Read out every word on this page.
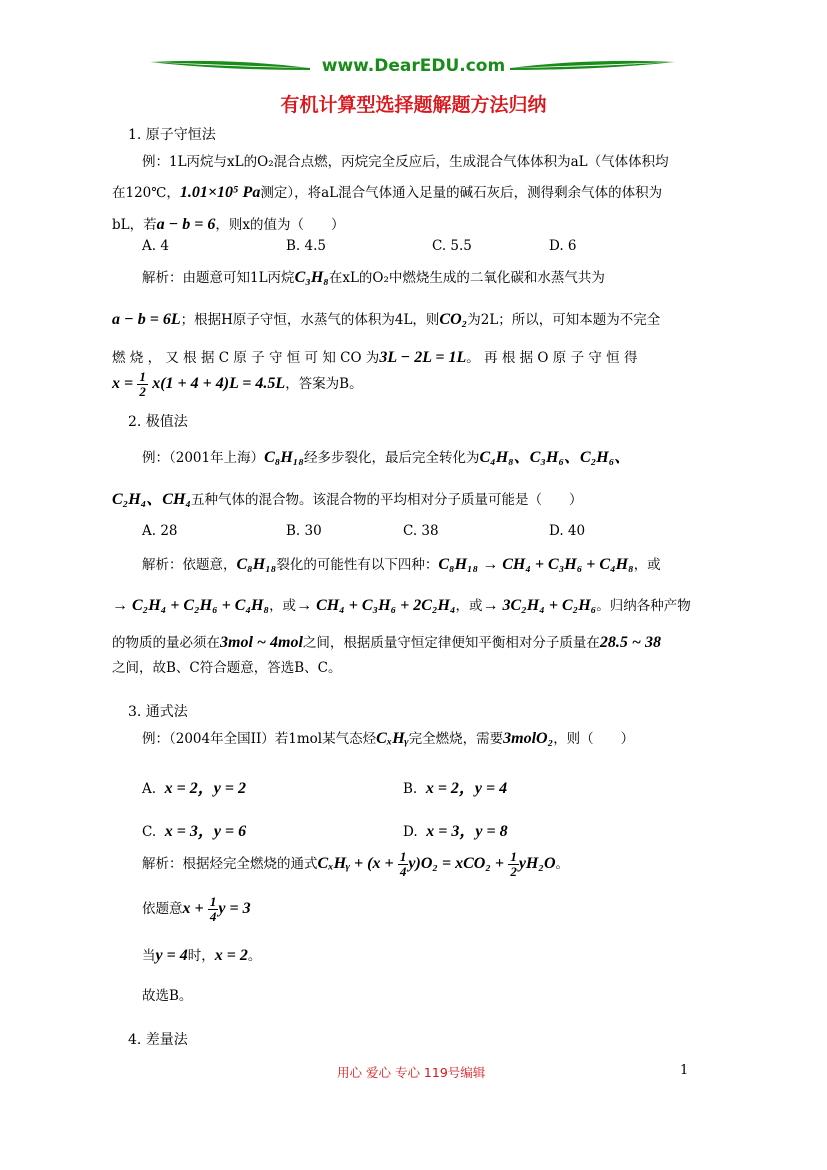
www.DearEDU.com
有机计算型选择题解题方法归纳
1. 原子守恒法
例：1L丙烷与xL的O₂混合点燃，丙烷完全反应后，生成混合气体体积为aL（气体体积均
在120℃，1.01×10⁵ Pa测定），将aL混合气体通入足量的碱石灰后，测得剩余气体的体积为
bL，若a − b = 6，则x的值为（　　）
A. 4	B. 4.5	C. 5.5	D. 6
解析：由题意可知1L丙烷C₃H₈在xL的O₂中燃烧生成的二氧化碳和水蒸气共为
a − b = 6L；根据H原子守恒，水蒸气的体积为4L，则CO₂为2L；所以，可知本题为不完全
燃 烧 ， 又 根 据 C 原 子 守 恒 可 知 CO 为3L − 2L = 1L。 再 根 据 O 原 子 守 恒 得
$x = \frac{1}{2} x(1 + 4 + 4)L = 4.5L$，答案为B。
2. 极值法
例：（2001年上海）C₈H₁₈经多步裂化，最后完全转化为C₄H₈、C₃H₆、C₂H₆、
C₂H₄、CH₄五种气体的混合物。该混合物的平均相对分子质量可能是（　　）
A. 28	B. 30	C. 38	D. 40
解析：依题意，C₈H₁₈裂化的可能性有以下四种：C₈H₁₈ → CH₄ + C₃H₆ + C₄H₈，或
→ C₂H₄ + C₂H₆ + C₄H₈，或→ CH₄ + C₃H₆ + 2C₂H₄，或→ 3C₂H₄ + C₂H₆。归纳各种产物
的物质的量必须在3mol ~ 4mol之间，根据质量守恒定律便知平衡相对分子质量在28.5 ~ 38
之间，故B、C符合题意，答选B、C。
3. 通式法
例：（2004年全国II）若1mol某气态烃CₓHᵧ完全燃烧，需要3molO₂，则（　　）
A. x = 2，y = 2	B. x = 2，y = 4
C. x = 3，y = 6	D. x = 3，y = 8
解析：根据烃完全燃烧的通式CₓHᵧ + $(x + \frac{1}{4} y)O_2 = xCO_2 + \frac{1}{2} yH_2O$。
依题意$x + \frac{1}{4}$ y = 3
当y = 4时，x = 2。
故选B。
4. 差量法
用心 爱心 专心 119号编辑	1
